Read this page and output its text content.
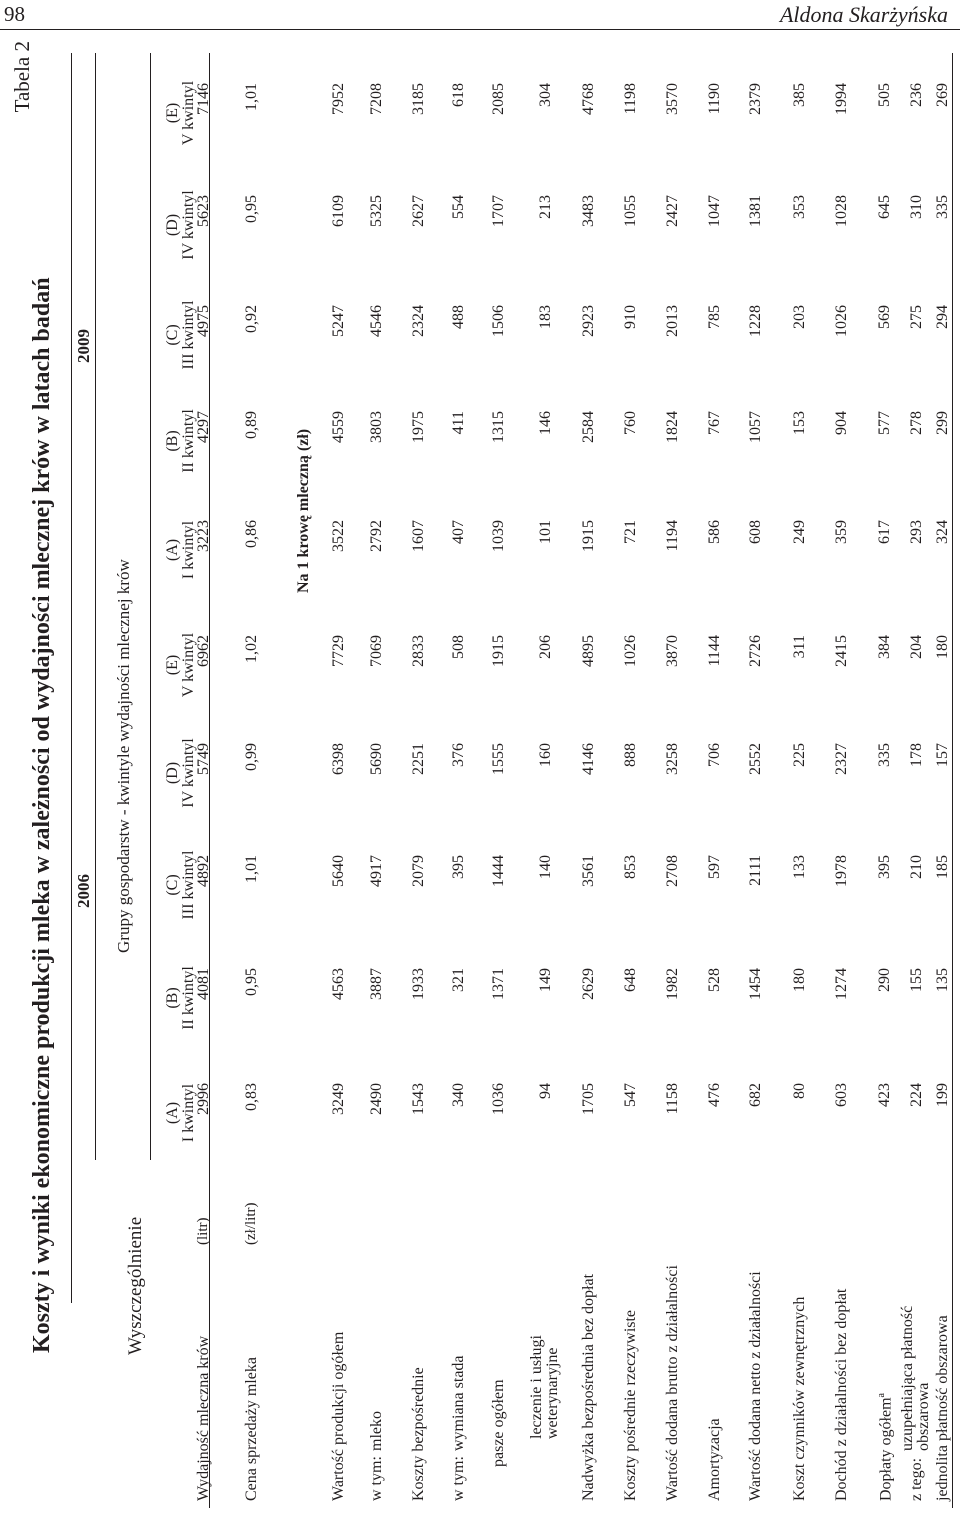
98	Aldona Skarżyńska
Tabela 2
Koszty i wyniki ekonomiczne produkcji mleka w zależności od wydajności mlecznej krów w latach badań	Wyszczególnienie
2006
2009
Grupy gospodarstw - kwintyle wydajności mlecznej krów
Na 1 krowę mleczną (zł)
(A) I kwintyl
(B) II kwintyl
(C) III kwintyl
(D) IV kwintyl
(E) V kwintyl
(A) I kwintyl
(B) II kwintyl
(C) III kwintyl
(D) IV kwintyl
(E) V kwintyl
Wydajność mleczna krów
(litr)
2996
4081
4892
5749
6962
3223
4297
4975
5623
7146
Cena sprzedaży mleka
(zł/litr)
0,83
0,95
1,01
0,99
1,02
0,86
0,89
0,92
0,95
1,01
Wartość produkcji ogółem
3249
4563
5640
6398
7729
3522
4559
5247
6109
7952
w tym:
mleko
2490
3887
4917
5690
7069
2792
3803
4546
5325
7208
Koszty bezpośrednie
1543
1933
2079
2251
2833
1607
1975
2324
2627
3185
w tym:
wymiana stada
340
321
395
376
508
407
411
488
554
618
pasze ogółem
1036
1371
1444
1555
1915
1039
1315
1506
1707
2085
leczenie i usługi weterynaryjne
94
149
140
160
206
101
146
183
213
304
Nadwyżka bezpośrednia bez dopłat
1705
2629
3561
4146
4895
1915
2584
2923
3483
4768
Koszty pośrednie rzeczywiste
547
648
853
888
1026
721
760
910
1055
1198
Wartość dodana brutto z działalności
1158
1982
2708
3258
3870
1194
1824
2013
2427
3570
Amortyzacja
476
528
597
706
1144
586
767
785
1047
1190
Wartość dodana netto z działalności
682
1454
2111
2552
2726
608
1057
1228
1381
2379
Koszt czynników zewnętrznych
80
180
133
225
311
249
153
203
353
385
Dochód z działalności bez dopłat
603
1274
1978
2327
2415
359
904
1026
1028
1994
Dopłaty ogółem$^a$
423
290
395
335
384
617
577
569
645
505
z tego:
uzupełniająca płatność obszarowa
224
155
210
178
204
293
278
275
310
236
jednolita płatność obszarowa
199
135
185
157
180
324
299
294
335
269
